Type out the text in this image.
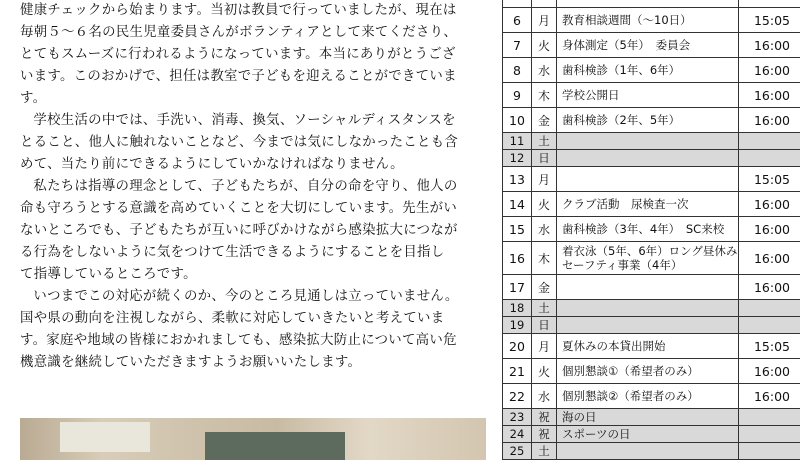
健康チェックから始まります。当初は教員で行っていましたが、現在は
毎朝５～６名の民生児童委員さんがボランティアとして来てくださり、
とてもスムーズに行われるようになっています。本当にありがとうござ
います。このおかげで、担任は教室で子どもを迎えることができていま
す。

学校生活の中では、手洗い、消毒、換気、ソーシャルディスタンスを
とること、他人に触れないことなど、今までは気にしなかったことも含
めて、当たり前にできるようにしていかなければなりません。

私たちは指導の理念として、子どもたちが、自分の命を守り、他人の
命も守ろうとする意識を高めていくことを大切にしています。先生がい
ないところでも、子どもたちが互いに呼びかけながら感染拡大につなが
る行為をしないように気をつけて生活できるようにすることを目指し
て指導しているところです。

いつまでこの対応が続くのか、今のところ見通しは立っていません。
国や県の動向を注視しながら、柔軟に対応していきたいと考えていま
す。家庭や地域の皆様におかれましても、感染拡大防止について高い危
機意識を継続していただきますようお願いいたします。

6	月	教育相談週間（～10日）	15:05
7	火	身体測定（5年）　委員会	16:00
8	水	歯科検診（1年、6年）	16:00
9	木	学校公開日	16:00
10	金	歯科検診（2年、5年）	16:00
11	土		
12	日		
13	月		15:05
14	火	クラブ活動　尿検査一次	16:00
15	水	歯科検診（3年、4年）　SC来校	16:00
16	木	着衣泳（5年、6年）ロング昼休み
セーフティ事業（4年）	16:00
17	金		16:00
18	土		
19	日		
20	月	夏休みの本貸出開始	15:05
21	火	個別懇談①（希望者のみ）	16:00
22	水	個別懇談②（希望者のみ）	16:00
23	祝	海の日	
24	祝	スポーツの日	
25	土		
